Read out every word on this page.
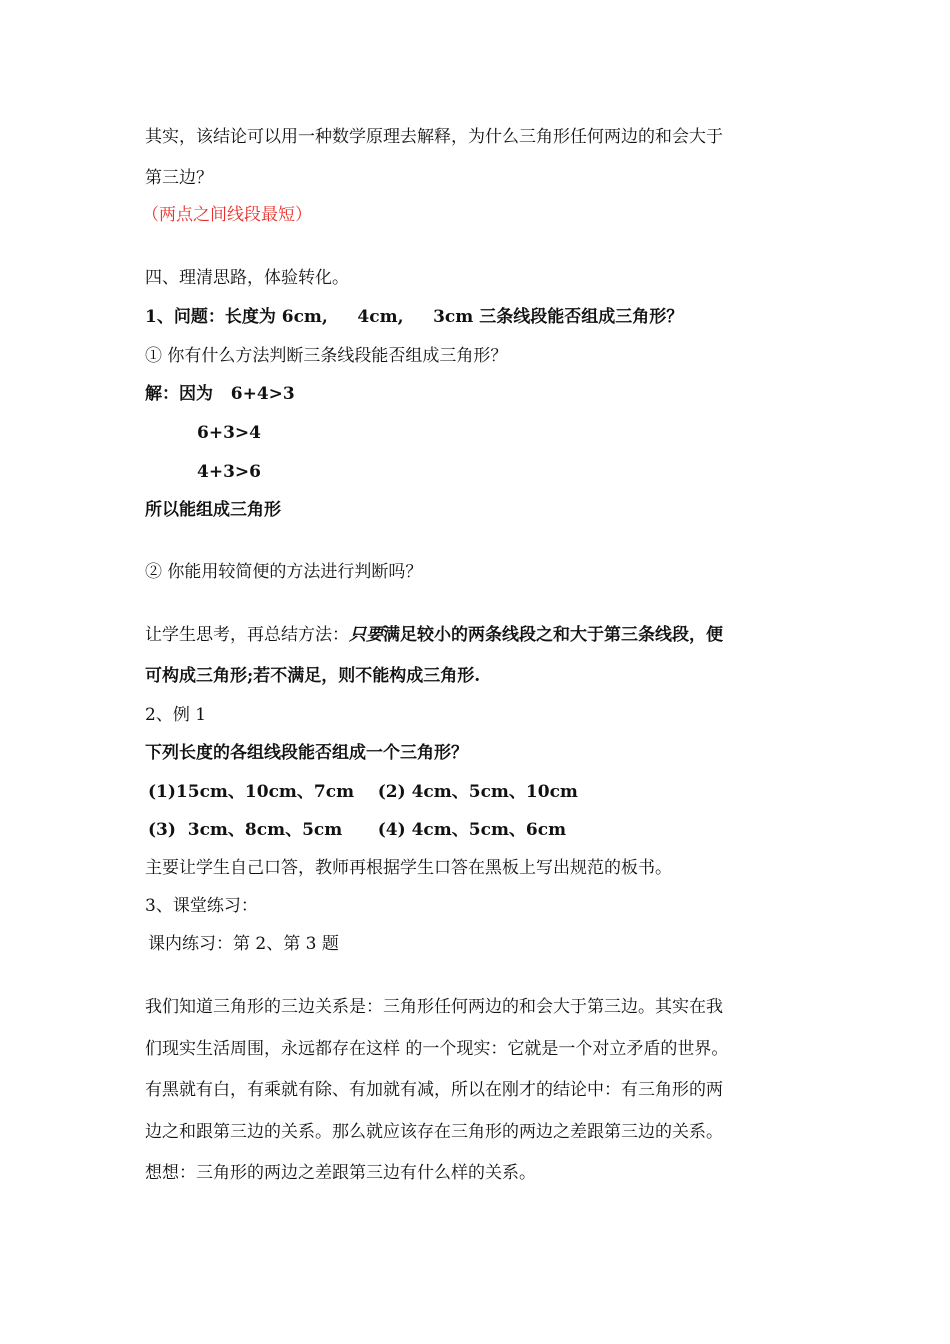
其实，该结论可以用一种数学原理去解释，为什么三角形任何两边的和会大于
第三边？
（两点之间线段最短）
四、理清思路，体验转化。
1、问题：长度为 6cm,     4cm,     3cm 三条线段能否组成三角形？
① 你有什么方法判断三条线段能否组成三角形？
解：因为   6+4>3
6+3>4
4+3>6
所以能组成三角形
② 你能用较简便的方法进行判断吗？
让学生思考，再总结方法：只要满足较小的两条线段之和大于第三条线段，便
可构成三角形;若不满足，则不能构成三角形.
2、例 1
下列长度的各组线段能否组成一个三角形？
(1)15cm、10cm、7cm    (2) 4cm、5cm、10cm
(3)  3cm、8cm、5cm      (4) 4cm、5cm、6cm
主要让学生自己口答，教师再根据学生口答在黑板上写出规范的板书。
3、课堂练习：
课内练习：第 2、第 3 题
我们知道三角形的三边关系是：三角形任何两边的和会大于第三边。其实在我
们现实生活周围，永远都存在这样 的一个现实：它就是一个对立矛盾的世界。
有黑就有白，有乘就有除、有加就有减，所以在刚才的结论中：有三角形的两
边之和跟第三边的关系。那么就应该存在三角形的两边之差跟第三边的关系。
想想：三角形的两边之差跟第三边有什么样的关系。
